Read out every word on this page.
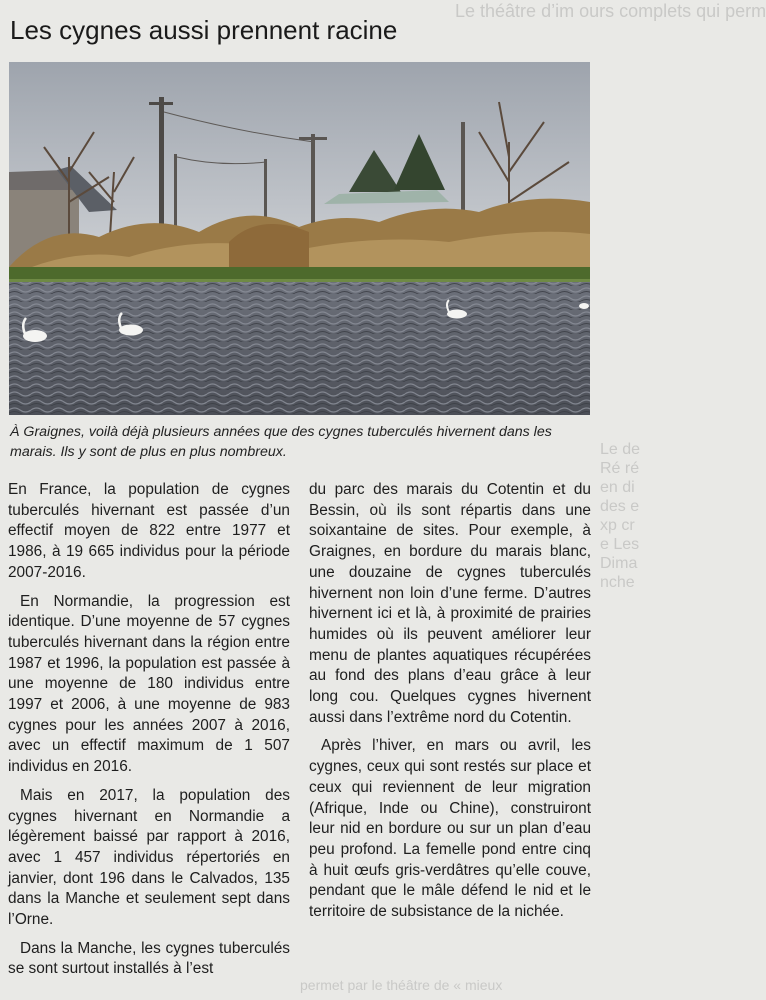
Le théâtre d’im ours complets qui perm
Le de Ré ré en di des exp cre Les Dimanche
permet par le théâtre de « mieux
Les cygnes aussi prennent racine

À Graignes, voilà déjà plusieurs années que des cygnes tuberculés hivernent dans les marais. Ils y sont de plus en plus nombreux.

En France, la population de cygnes tuberculés hivernant est passée d’un effectif moyen de 822 entre 1977 et 1986, à 19 665 individus pour la période 2007-2016.

En Normandie, la progression est identique. D’une moyenne de 57 cygnes tuberculés hivernant dans la région entre 1987 et 1996, la population est passée à une moyenne de 180 individus entre 1997 et 2006, à une moyenne de 983 cygnes pour les années 2007 à 2016, avec un effectif maximum de 1 507 individus en 2016.

Mais en 2017, la population des cygnes hivernant en Normandie a légèrement baissé par rapport à 2016, avec 1 457 individus répertoriés en janvier, dont 196 dans le Calvados, 135 dans la Manche et seulement sept dans l’Orne.

Dans la Manche, les cygnes tuberculés se sont surtout installés à l’est

du parc des marais du Cotentin et du Bessin, où ils sont répartis dans une soixantaine de sites. Pour exemple, à Graignes, en bordure du marais blanc, une douzaine de cygnes tuberculés hivernent non loin d’une ferme. D’autres hivernent ici et là, à proximité de prairies humides où ils peuvent améliorer leur menu de plantes aquatiques récupérées au fond des plans d’eau grâce à leur long cou. Quelques cygnes hivernent aussi dans l’extrême nord du Cotentin.

Après l’hiver, en mars ou avril, les cygnes, ceux qui sont restés sur place et ceux qui reviennent de leur migration (Afrique, Inde ou Chine), construiront leur nid en bordure ou sur un plan d’eau peu profond. La femelle pond entre cinq à huit œufs gris-verdâtres qu’elle couve, pendant que le mâle défend le nid et le territoire de subsistance de la nichée.
